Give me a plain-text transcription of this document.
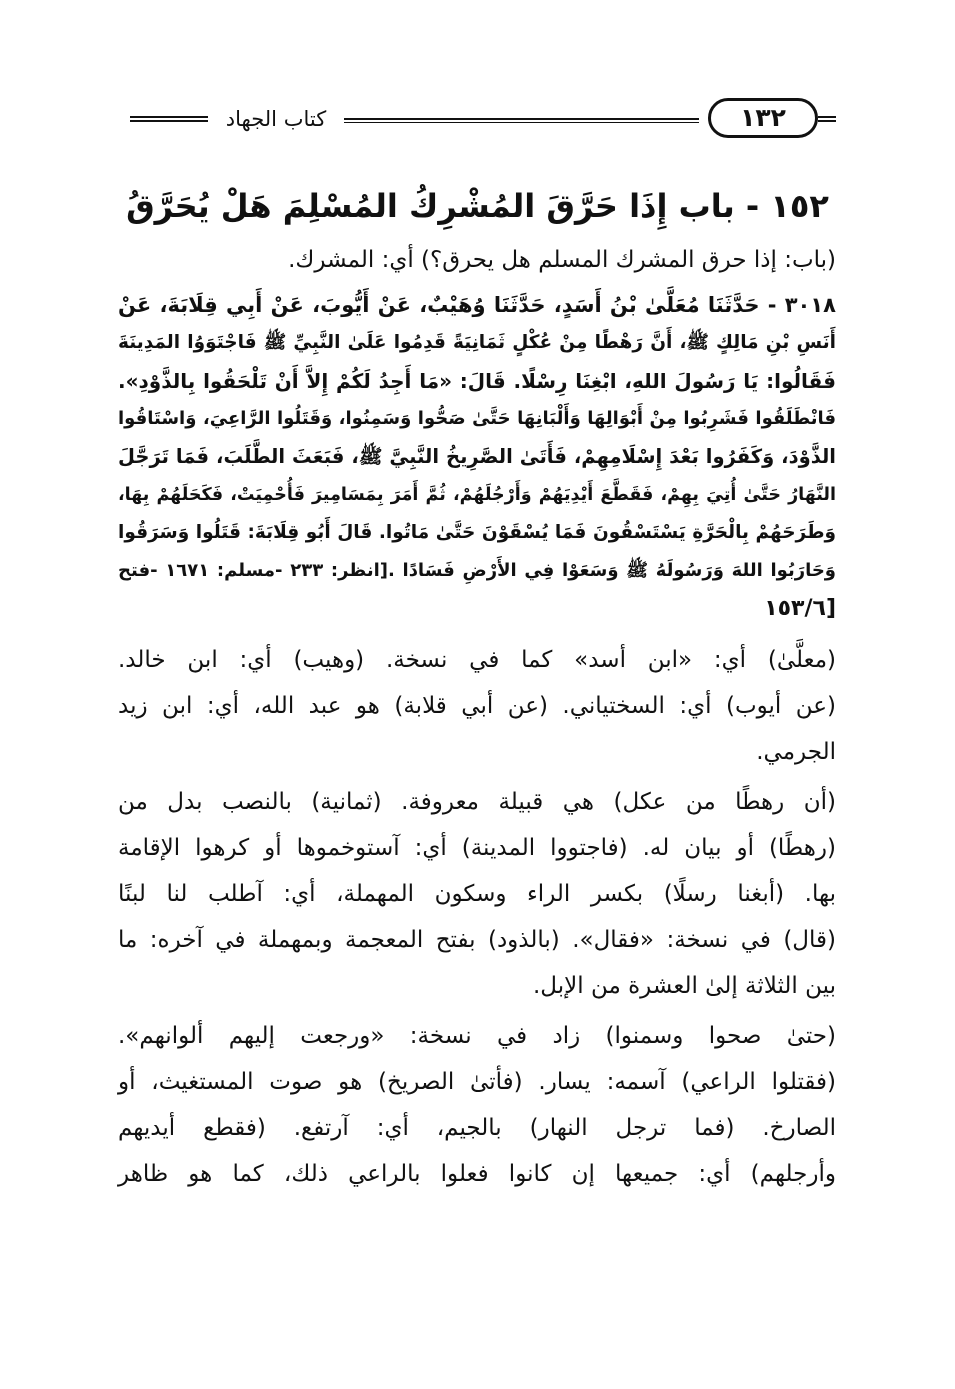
كتاب الجهاد	١٣٢
١٥٢ - باب إِذَا حَرَّقَ المُشْرِكُ المُسْلِمَ هَلْ يُحَرَّقُ
(باب: إذا حرق المشرك المسلم هل يحرق؟) أي: المشرك.
٣٠١٨ - حَدَّثَنَا مُعَلَّىٰ بْنُ أَسَدٍ، حَدَّثَنَا وُهَيْبٌ، عَنْ أَيُّوبَ، عَنْ أَبِي قِلَابَةَ، عَنْ
أَنَسِ بْنِ مَالِكٍ ﷺ، أَنَّ رَهْطًا مِنْ عُكْلٍ ثَمَانِيَةً قَدِمُوا عَلَىٰ النَّبِيِّ ﷺ فَاجْتَوَوُا المَدِينَةَ
فَقَالُوا: يَا رَسُولَ اللهِ، ابْغِنَا رِسْلًا. قَالَ: «مَا أَجِدُ لَكُمْ إِلاَّ أَنْ تَلْحَقُوا بِالذَّوْدِ».
فَانْطَلَقُوا فَشَرِبُوا مِنْ أَبْوَالِهَا وَأَلْبَانِهَا حَتَّىٰ صَحُّوا وَسَمِنُوا، وَقَتَلُوا الرَّاعِيَ، وَاسْتَاقُوا
الذَّوْدَ، وَكَفَرُوا بَعْدَ إِسْلَامِهِمْ، فَأَتَىٰ الصَّرِيخُ النَّبِيَّ ﷺ، فَبَعَثَ الطَّلَبَ، فَمَا تَرَجَّلَ
النَّهَارُ حَتَّىٰ أُتِيَ بِهِمْ، فَقَطَّعَ أَيْدِيَهُمْ وَأَرْجُلَهُمْ، ثُمَّ أَمَرَ بِمَسَامِيرَ فَأُحْمِيَتْ، فَكَحَلَهُمْ بِهَا،
وَطَرَحَهُمْ بِالْحَرَّةِ يَسْتَسْقُونَ فَمَا يُسْقَوْنَ حَتَّىٰ مَاتُوا. قَالَ أَبُو قِلَابَةَ: قَتَلُوا وَسَرَقُوا
وَحَارَبُوا اللهَ وَرَسُولَهُ ﷺ وَسَعَوْا فِي الأَرْضِ فَسَادًا .[انظر: ٢٣٣ -مسلم: ١٦٧١ -فتح
[١٥٣/٦
(معلَّىٰ) أي: «ابن أسد» كما في نسخة. (وهيب) أي: ابن خالد.
(عن أيوب) أي: السختياني. (عن أبي قلابة) هو عبد الله، أي: ابن زيد
الجرمي.
(أن رهطًا من عكل) هي قبيلة معروفة. (ثمانية) بالنصب بدل من
(رهطًا) أو بيان له. (فاجتووا المدينة) أي: آستوخموها أو كرهوا الإقامة
بها. (أبغنا رسلًا) بكسر الراء وسكون المهملة، أي: آطلب لنا لبنًا
(قال) في نسخة: «فقال». (بالذود) بفتح المعجمة وبمهملة في آخره: ما
بين الثلاثة إلىٰ العشرة من الإبل.
(حتىٰ صحوا وسمنوا) زاد في نسخة: «ورجعت إليهم ألوانهم».
(فقتلوا الراعي) آسمه: يسار. (فأتىٰ الصريخ) هو صوت المستغيث، أو
الصارخ. (فما ترجل النهار) بالجيم، أي: آرتفع. (فقطع أيديهم
وأرجلهم) أي: جميعها إن كانوا فعلوا بالراعي ذلك، كما هو ظاهر
